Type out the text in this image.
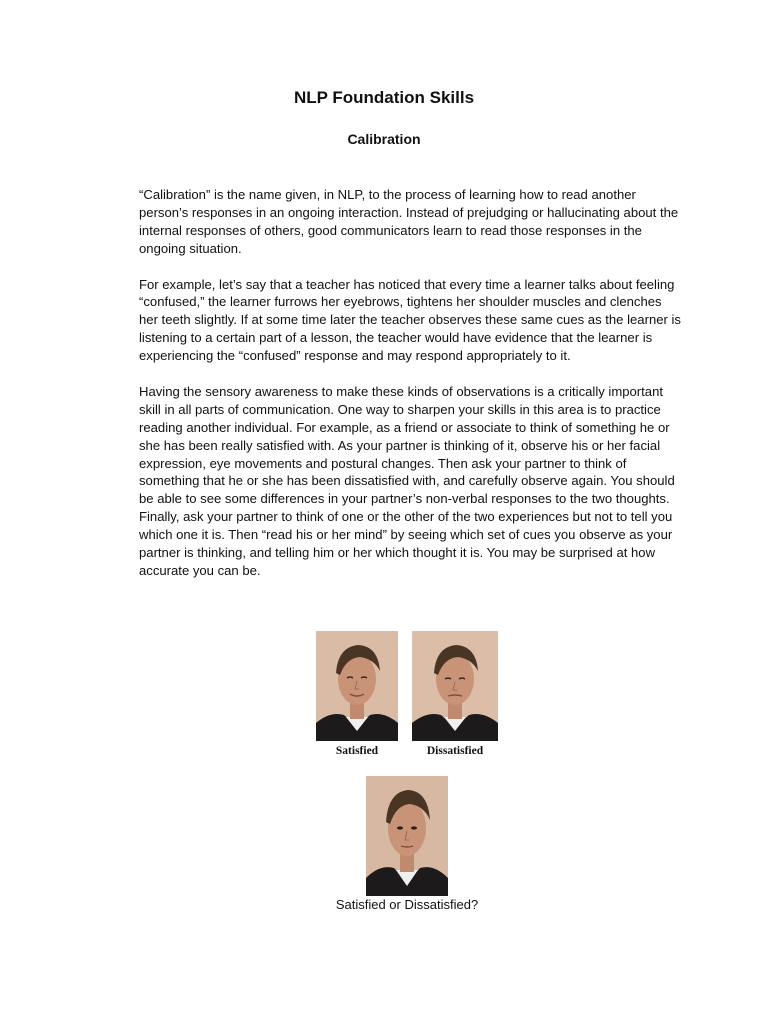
NLP Foundation Skills
Calibration

“Calibration” is the name given, in NLP, to the process of learning how to read another person’s responses in an ongoing interaction. Instead of prejudging or hallucinating about the internal responses of others, good communicators learn to read those responses in the ongoing situation.

For example, let’s say that a teacher has noticed that every time a learner talks about feeling “confused,” the learner furrows her eyebrows, tightens her shoulder muscles and clenches her teeth slightly. If at some time later the teacher observes these same cues as the learner is listening to a certain part of a lesson, the teacher would have evidence that the learner is experiencing the “confused” response and may respond appropriately to it.

Having the sensory awareness to make these kinds of observations is a critically important skill in all parts of communication. One way to sharpen your skills in this area is to practice reading another individual. For example, as a friend or associate to think of something he or she has been really satisfied with. As your partner is thinking of it, observe his or her facial expression, eye movements and postural changes. Then ask your partner to think of something that he or she has been dissatisfied with, and carefully observe again. You should be able to see some differences in your partner’s non-verbal responses to the two thoughts. Finally, ask your partner to think of one or the other of the two experiences but not to tell you which one it is. Then “read his or her mind” by seeing which set of cues you observe as your partner is thinking, and telling him or her which thought it is. You may be surprised at how accurate you can be.

Satisfied	Dissatisfied
Satisfied or Dissatisfied?
